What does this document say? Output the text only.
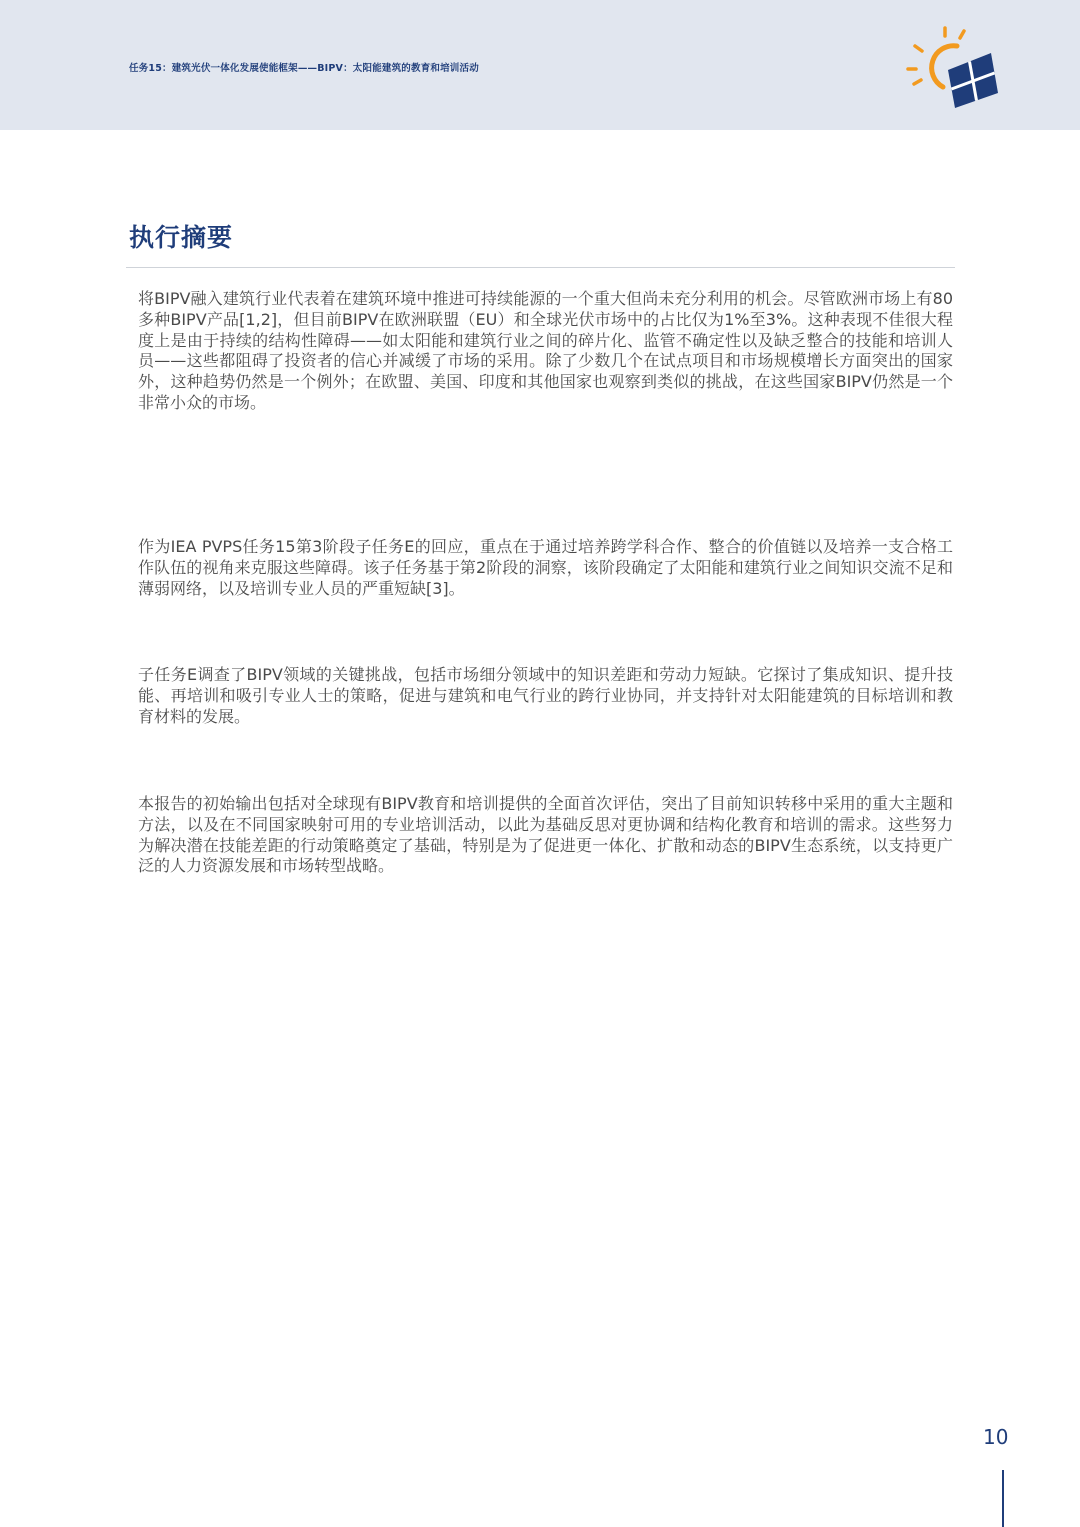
任务15：建筑光伏一体化发展使能框架——BIPV：太阳能建筑的教育和培训活动
执行摘要

将BIPV融入建筑行业代表着在建筑环境中推进可持续能源的一个重大但尚未充分利用的机会。尽管欧洲市场上有80多种BIPV产品[1,2]，但目前BIPV在欧洲联盟（EU）和全球光伏市场中的占比仅为1%至3%。这种表现不佳很大程度上是由于持续的结构性障碍——如太阳能和建筑行业之间的碎片化、监管不确定性以及缺乏整合的技能和培训人员——这些都阻碍了投资者的信心并减缓了市场的采用。除了少数几个在试点项目和市场规模增长方面突出的国家外，这种趋势仍然是一个例外；在欧盟、美国、印度和其他国家也观察到类似的挑战，在这些国家BIPV仍然是一个非常小众的市场。

作为IEA PVPS任务15第3阶段子任务E的回应，重点在于通过培养跨学科合作、整合的价值链以及培养一支合格工作队伍的视角来克服这些障碍。该子任务基于第2阶段的洞察，该阶段确定了太阳能和建筑行业之间知识交流不足和薄弱网络，以及培训专业人员的严重短缺[3]。

子任务E调查了BIPV领域的关键挑战，包括市场细分领域中的知识差距和劳动力短缺。它探讨了集成知识、提升技能、再培训和吸引专业人士的策略，促进与建筑和电气行业的跨行业协同，并支持针对太阳能建筑的目标培训和教育材料的发展。

本报告的初始输出包括对全球现有BIPV教育和培训提供的全面首次评估，突出了目前知识转移中采用的重大主题和方法，以及在不同国家映射可用的专业培训活动，以此为基础反思对更协调和结构化教育和培训的需求。这些努力为解决潜在技能差距的行动策略奠定了基础，特别是为了促进更一体化、扩散和动态的BIPV生态系统，以支持更广泛的人力资源发展和市场转型战略。

10
